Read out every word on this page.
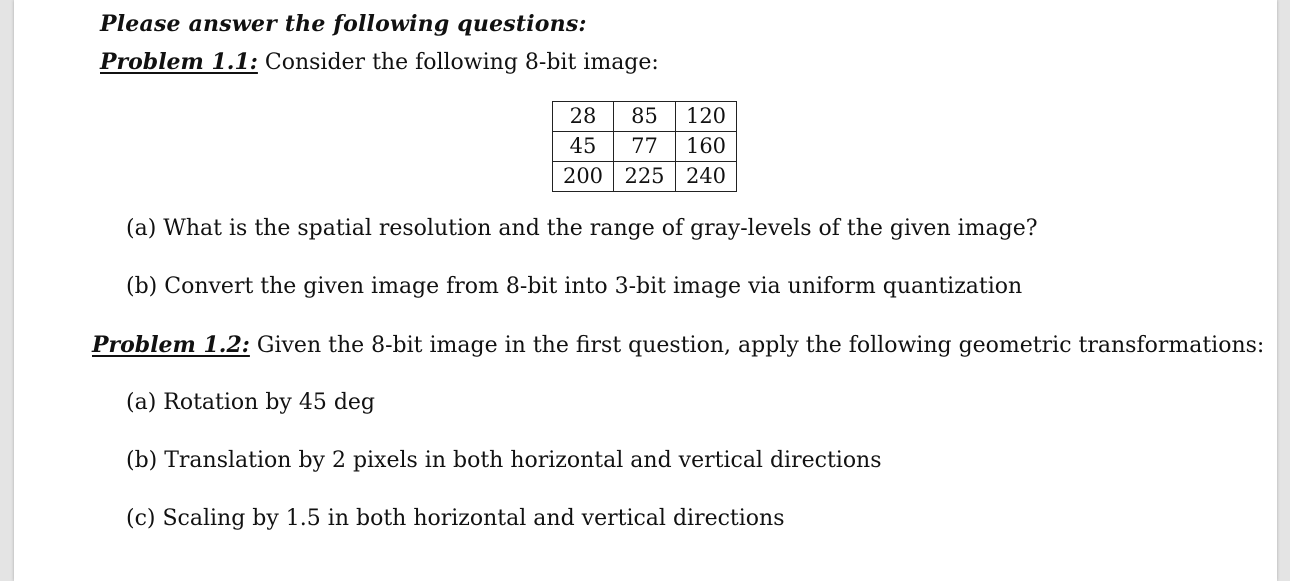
Please answer the following questions:
Problem 1.1: Consider the following 8-bit image:
28	85	120
45	77	160
200	225	240
(a) What is the spatial resolution and the range of gray-levels of the given image?
(b) Convert the given image from 8-bit into 3-bit image via uniform quantization
Problem 1.2: Given the 8-bit image in the first question, apply the following geometric transformations:
(a) Rotation by 45 deg
(b) Translation by 2 pixels in both horizontal and vertical directions
(c) Scaling by 1.5 in both horizontal and vertical directions
